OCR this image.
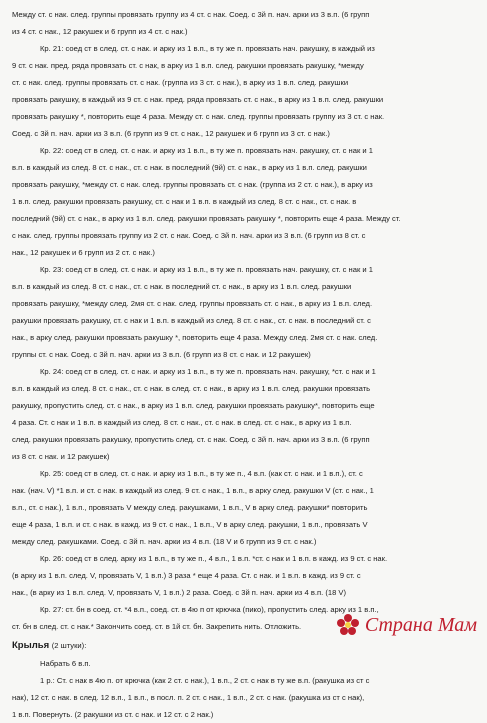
Между ст. с нак. след. группы провязать группу из 4 ст. с нак. Соед. с 3й п. нач. арки из 3 в.п. (6 групп
из 4 ст. с нак., 12 ракушек и 6 групп из 4 ст. с нак.)
Кр. 21: соед ст в след. ст. с нак. и арку из 1 в.п., в ту же п. провязать нач. ракушку, в каждый из
9 ст. с нак. пред. ряда провязать ст. с нак, в арку из 1 в.п. след. ракушки провязать ракушку, *между
ст. с нак. след. группы провязать ст. с нак. (группа из 3 ст. с нак.), в арку из 1 в.п. след. ракушки
провязать ракушку, в каждый из 9 ст. с нак. пред. ряда провязать ст. с нак., в арку из 1 в.п. след. ракушки
провязать ракушку *, повторить еще 4 раза. Между ст. с нак. след. группы провязать группу из 3 ст. с нак.
Соед. с 3й п. нач. арки из 3 в.п. (6 групп из 9 ст. с нак., 12 ракушек и 6 групп из 3 ст. с нак.)
Кр. 22: соед ст в след. ст. с нак. и арку из 1 в.п., в ту же п. провязать нач. ракушку, ст. с нак и 1
в.п. в каждый из след. 8 ст. с нак., ст. с нак. в последний (9й) ст. с нак., в арку из 1 в.п. след. ракушки
провязать ракушку, *между ст. с нак. след. группы провязать ст. с нак. (группа из 2 ст. с нак.), в арку из
1 в.п. след. ракушки провязать ракушку, ст. с нак и 1 в.п. в каждый из след. 8 ст. с нак., ст. с нак. в
последний (9й) ст. с нак., в арку из 1 в.п. след. ракушки провязать ракушку *, повторить еще 4 раза. Между ст.
с нак. след. группы провязать группу из 2 ст. с нак. Соед. с 3й п. нач. арки из 3 в.п. (6 групп из 8 ст. с
нак., 12 ракушек и 6 групп из 2 ст. с нак.)
Кр. 23: соед ст в след. ст. с нак. и арку из 1 в.п., в ту же п. провязать нач. ракушку, ст. с нак и 1
в.п. в каждый из след. 8 ст. с нак., ст. с нак. в последний ст. с нак., в арку из 1 в.п. след. ракушки
провязать ракушку, *между след. 2мя ст. с нак. след. группы провязать ст. с нак., в арку из 1 в.п. след.
ракушки провязать ракушку, ст. с нак и 1 в.п. в каждый из след. 8 ст. с нак., ст. с нак. в последний ст. с
нак., в арку след. ракушки провязать ракушку *, повторить еще 4 раза. Между след. 2мя ст. с нак. след.
группы ст. с нак. Соед. с 3й п. нач. арки из 3 в.п. (6 групп из 8 ст. с нак. и 12 ракушек)
Кр. 24: соед ст в след. ст. с нак. и арку из 1 в.п., в ту же п. провязать нач. ракушку, *ст. с нак и 1
в.п. в каждый из след. 8 ст. с нак., ст. с нак. в след. ст. с нак., в арку из 1 в.п. след. ракушки провязать
ракушку, пропустить след. ст. с нак., в арку из 1 в.п. след. ракушки провязать ракушку*, повторить еще
4 раза. Ст. с нак и 1 в.п. в каждый из след. 8 ст. с нак., ст. с нак. в след. ст. с нак., в арку из 1 в.п.
след. ракушки провязать ракушку, пропустить след. ст. с нак. Соед. с 3й п. нач. арки из 3 в.п. (6 групп
из 8 ст. с нак. и 12 ракушек)
Кр. 25: соед ст в след. ст. с нак. и арку из 1 в.п., в ту же п., 4 в.п. (как ст. с нак. и 1 в.п.), ст. с
нак. (нач. V) *1 в.п. и ст. с нак. в каждый из след. 9 ст. с нак., 1 в.п., в арку след. ракушки V (ст. с нак., 1
в.п., ст. с нак.), 1 в.п., провязать V между след. ракушками, 1 в.п., V в арку след. ракушки* повторить
еще 4 раза, 1 в.п. и ст. с нак. в кажд. из 9 ст. с нак., 1 в.п., V в арку след. ракушки, 1 в.п., провязать V
между след. ракушками. Соед. с 3й п. нач. арки из 4 в.п. (18 V и 6 групп из 9 ст. с нак.)
Кр. 26: соед ст в след. арку из 1 в.п., в ту же п., 4 в.п., 1 в.п. *ст. с нак и 1 в.п. в кажд. из 9 ст. с нак.
(в арку из 1 в.п. след. V, провязать V, 1 в.п.) 3 раза * еще 4 раза. Ст. с нак. и 1 в.п. в кажд. из 9 ст. с
нак., (в арку из 1 в.п. след. V, провязать V, 1 в.п.) 2 раза. Соед. с 3й п. нач. арки из 4 в.п. (18 V)
Кр. 27: ст. бн в соед. ст. *4 в.п., соед. ст. в 4ю п от крючка (пико), пропустить след. арку из 1 в.п.,
ст. бн в след. ст. с нак.* Закончить соед. ст. в 1й ст. бн. Закрепить нить. Отложить.
Крылья (2 штуки):
Набрать 6 в.п.
1 р.: Ст. с нак в 4ю п. от крючка (как 2 ст. с нак.), 1 в.п., 2 ст. с нак в ту же в.п. (ракушка из ст с
нак), 12 ст. с нак. в след. 12 в.п., 1 в.п., в посл. п. 2 ст. с нак., 1 в.п., 2 ст. с нак. (ракушка из ст с нак),
1 в.п. Повернуть. (2 ракушки из ст. с нак. и 12 ст. с 2 нак.)
Страна Мам
